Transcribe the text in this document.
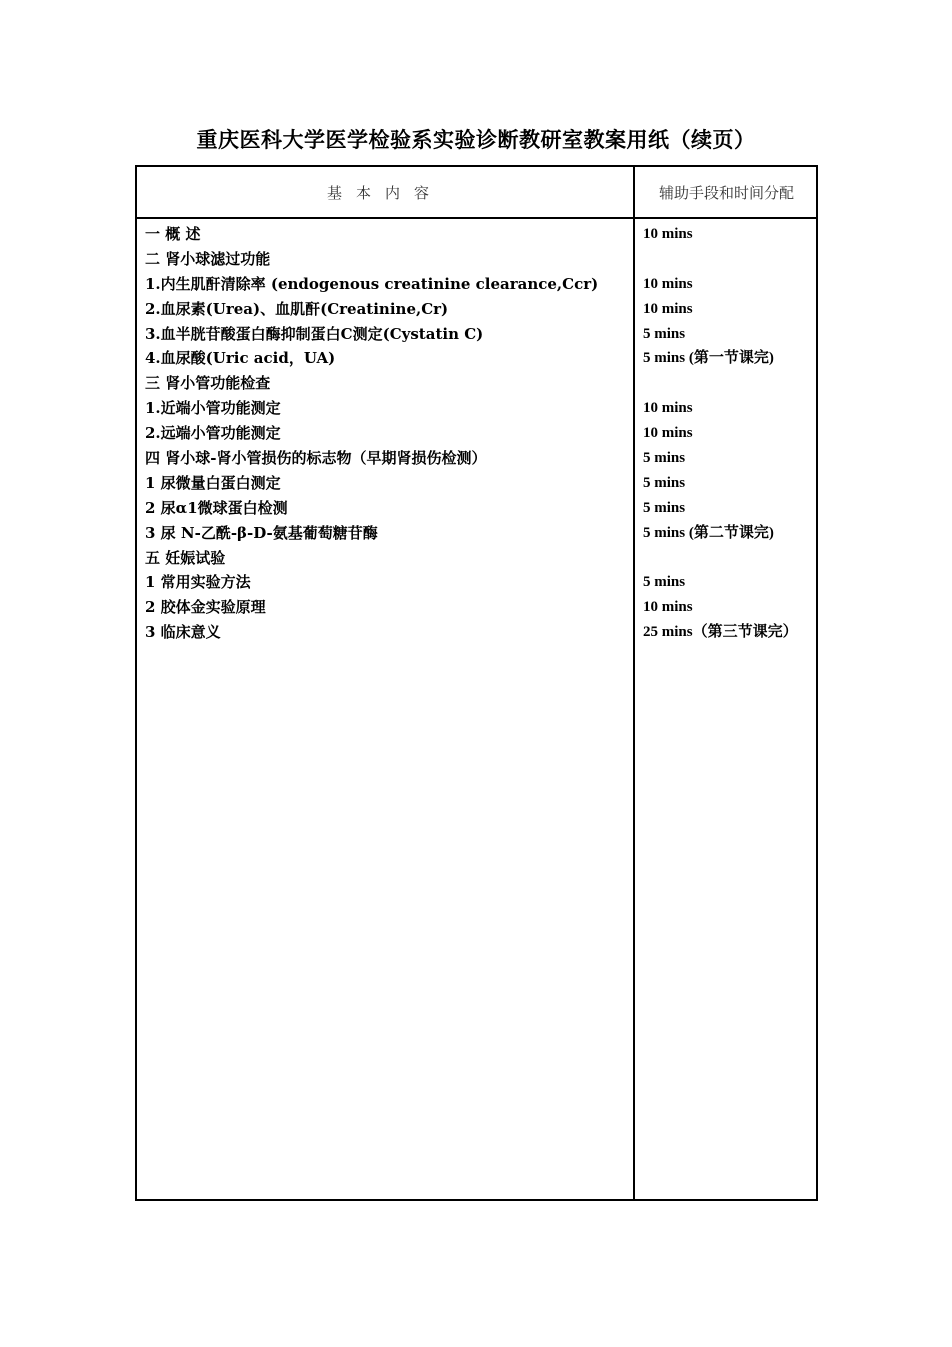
重庆医科大学医学检验系实验诊断教研室教案用纸（续页）
基本内容	辅助手段和时间分配
一 概 述
二 肾小球滤过功能
1.内生肌酐清除率 (endogenous creatinine clearance,Ccr)
2.血尿素(Urea)、血肌酐(Creatinine,Cr)
3.血半胱苷酸蛋白酶抑制蛋白C测定(Cystatin C)
4.血尿酸(Uric acid，UA)
三 肾小管功能检查
1.近端小管功能测定
2.远端小管功能测定
四 肾小球-肾小管损伤的标志物（早期肾损伤检测）
1 尿微量白蛋白测定
2 尿α1微球蛋白检测
3 尿 N-乙酰-β-D-氨基葡萄糖苷酶
五 妊娠试验
1 常用实验方法
2 胶体金实验原理
3 临床意义
10 mins
10 mins
10 mins
5 mins
5 mins (第一节课完)
10 mins
10 mins
5 mins
5 mins
5 mins
5 mins (第二节课完)
5 mins
10 mins
25 mins（第三节课完）
